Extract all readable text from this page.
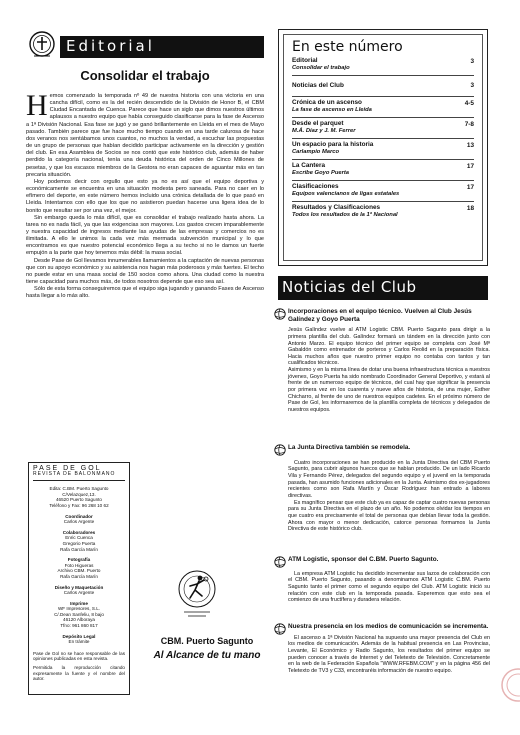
Editorial
Consolidar el trabajo

Hemos comenzado la temporada nº 49 de nuestra historia con una victoria en una cancha difícil, como es la del recién descendido de la División de Honor B, el CBM Ciudad Encantada de Cuenca. Parece que hace un siglo que dimos nuestros últimos aplausos a nuestro equipo que había conseguido clasificarse para la fase de Ascenso a 1ª División Nacional. Esa fase se jugó y se ganó brillantemente en Lleida en el mes de Mayo pasado. También parece que fue hace mucho tiempo cuando en una tarde calurosa de hace dos veranos nos sentábamos unos cuantos, no muchos la verdad, a escuchar las propuestas de un grupo de personas que habían decidido participar activamente en la dirección y gestión del club. En esa Asamblea de Socios se nos contó que este histórico club, además de haber perdido la categoría nacional, tenía una deuda histórica del orden de Cinco Millones de pesetas, y que los escasos miembros de la Gestora no eran capaces de aguantar más en tan precaria situación.

Hoy podemos decir con orgullo que esto ya no es así que el equipo deportiva y económicamente se encuentra en una situación modesta pero saneada. Para no caer en lo efímero del deporte, en este número hemos incluido una crónica detallada de lo que pasó en Lleida. Intentamos con ello que los que no asistieron puedan hacerse una ligera idea de lo bonito que resultar ser por una vez, el mejor.

Sin embargo queda lo más difícil, que es consolidar el trabajo realizado hasta ahora. La tarea no es nada fácil, ya que las exigencias son mayores. Los gastos crecen imparablemente y nuestra capacidad de ingresos mediante las ayudas de las empresas y comercios no es ilimitada. A ello le unimos la cada vez más mermada subvención municipal y lo que encontramos es que nuestro potencial económico llega a su techo si no le damos un fuerte empujón a la parte que hoy tenemos más débil: la masa social.

Desde Pase de Gol llevamos innumerables llamamientos a la captación de nuevas personas que con su apoyo económico y su asistencia nos hagan más poderosos y más fuertes. El techo no puede estar en una masa social de 150 socios como ahora. Una ciudad como la nuestra tiene capacidad para muchos más, de todos nosotros depende que eso sea así.

Sólo de esta forma conseguiremos que el equipo siga jugando y ganando Fases de Ascenso hasta llegar a lo más alto.

PASE DE GOL
REVISTA DE BALONMANO
Edita: C.BM. Puerto Sagunto
C/Velazquez,13.
46520 Puerto Sagunto
Teléfono y Fax: 96 268 10 62
Coordinador
Carlos Argente
Colaboradores
Enric Cuenca
Gregorio Puerta
Rafa García Marín
Fotografía
Foto Higueras
Archivo CBM. Puerto
Rafa García Marín
Diseño y Maquetación
Carlos Argente
Imprime
WF Impresores, S.L.
C/.Dean Sanfeliu, 8 bajo
46120 Alboraya
Tfno: 961 860 817
Depósito Legal
En trámite
Pase de Gol no se hace responsable de las opiniones publicadas en esta revista.
Permitida la reproducción citando expresamente la fuente y el nombre del autor.
CBM. Puerto Sagunto
Al Alcance de tu mano
En este número
Editorial
Consolidar el trabajo
3
Noticias del Club	3
Crónica de un ascenso
La fase de ascenso en Lleida
4-5
Desde el parquet
M.Á. Díaz y J. M. Ferrer
7-8
Un espacio para la historia
Carlampio Marco
13
La Cantera
Escribe Goyo Puerta
17
Clasificaciones
Equipos valencianos de ligas estatales
17
Resultados y Clasificaciones
Todos los resultados de la 1ª Nacional
18
Noticias del Club
Incorporaciones en el equipo técnico. Vuelven al Club Jesús Galíndez y Goyo Puerta

Jesús Galíndez vuelve al ATM Logistic CBM. Puerto Sagunto para dirigir a la primera plantilla del club. Galíndez formará un tándem en la dirección junto con Antonio Marzo. El equipo técnico del primer equipo se completa con José Mª Gabaldón como entrenador de porteros y Carlos Reolid en la preparación física. Hacia muchos años que nuestro primer equipo no contaba con tantos y tan cualificados técnicos.

Asimismo y en la misma línea de dotar una buena infraestructura técnica a nuestros jóvenes, Goyo Puerta ha sido nombrado Coordinador General Deportivo, y estará al frente de un numeroso equipo de técnicos, del cual hay que significar la presencia por primera vez en los cuarenta y nueve años de historia, de una mujer, Esther Chicharro, al frente de uno de nuestros equipos cadetes. En el próximo número de Pase de Gol, les informaremos de la plantilla completa de técnicos y delegados de nuestros equipos.

La Junta Directiva también se remodela.

Cuatro incorporaciones se han producido en la Junta Directiva del CBM Puerto Sagunto, para cubrir algunos huecos que se habían producido. De un lado Ricardo Vila y Fernando Pérez, delegados del segundo equipo y el juvenil en la temporada pasada, han asumido funciones adicionales en la Junta. Asimismo dos ex-jugadores recientes como son Rafa Martín y Óscar Rodríguez han entrado a labores directivas.

Es magnífico pensar que este club ya es capaz de captar cuatro nuevas personas para su Junta Directiva en el plazo de un año. No podemos olvidar los tiempos en que cuatro era precisamente el total de personas que debían llevar toda la gestión. Ahora con mayor o menor dedicación, catorce personas formamos la Junta Directiva de este histórico club.

ATM Logistic, sponsor del C.BM. Puerto Sagunto.

La empresa ATM Logistic ha decidido incrementar sus lazos de colaboración con el CBM. Puerto Sagunto, pasando a denominarnos ATM Logistic C.BM. Puerto Sagunto tanto el primer como el segundo equipo del Club. ATM Logistic inició su relación con este club en la temporada pasada. Esperemos que esto sea el comienzo de una fructífera y duradera relación.

Nuestra presencia en los medios de comunicación se incrementa.

El ascenso a 1ª División Nacional ha supuesto una mayor presencia del Club en los medios de comunicación. Además de la habitual presencia en Las Provincias, Levante, El Económico y Radio Sagunto, los resultados del primer equipo se pueden conocer a través de Internet y del Teletexto de Televisión. Concretamente en la web de la Federación Española "WWW.RFEBM.COM" y en la página 456 del Teletexto de TV3 y C33, encontraréis información de nuestro equipo.
